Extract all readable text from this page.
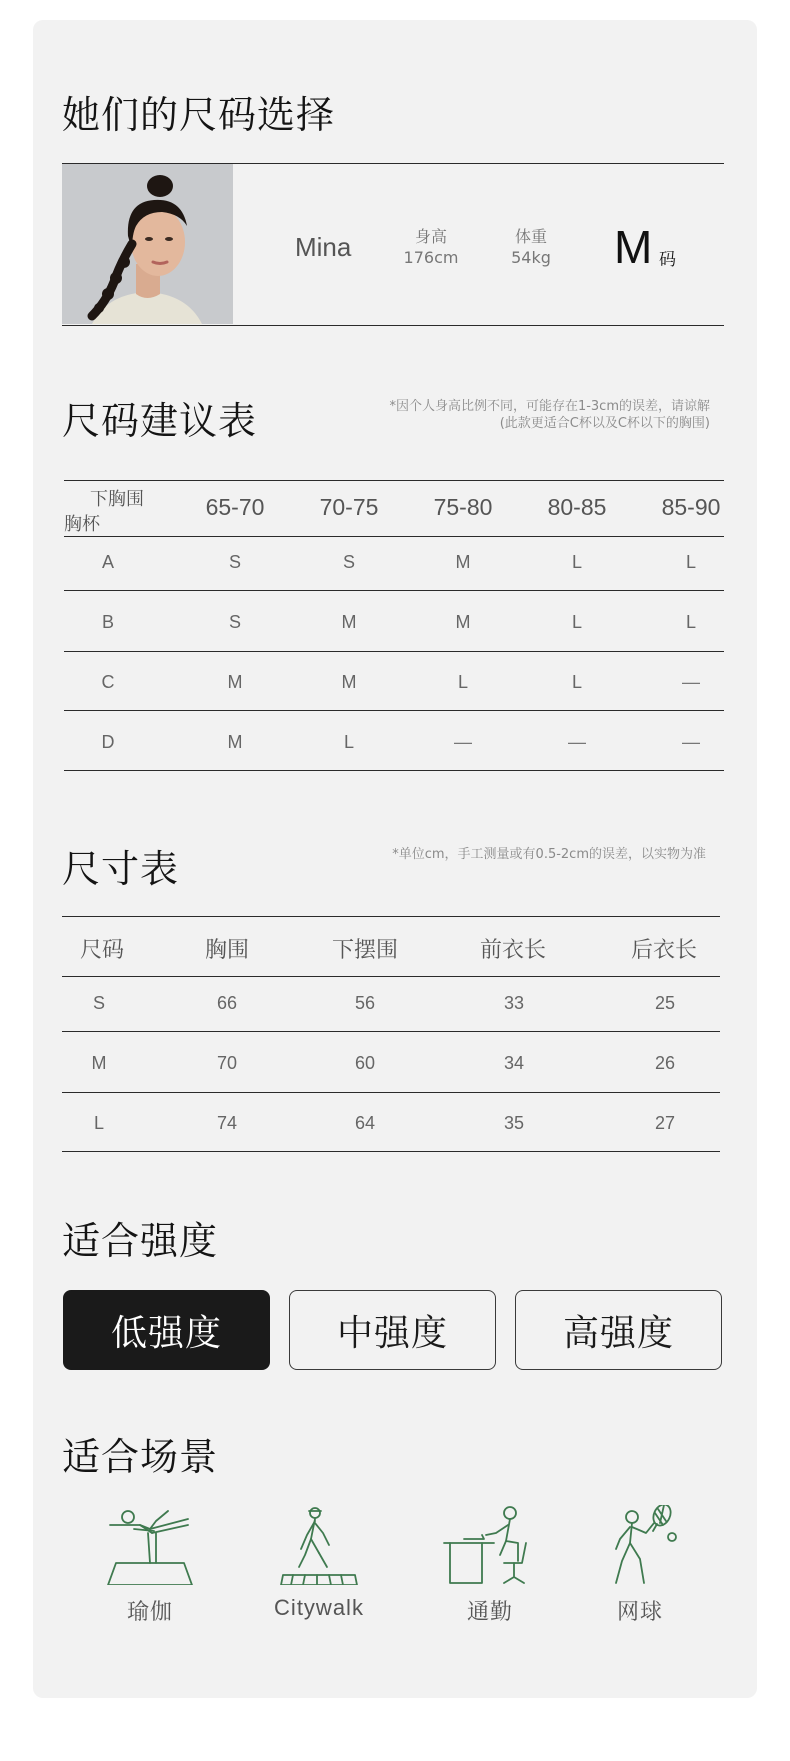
她们的尺码选择
Mina	身高
176cm
体重
54kg M 码
尺码建议表	*因个人身高比例不同，可能存在1-3cm的误差，请谅解
(此款更适合C杯以及C杯以下的胸围)
下胸围
胸杯
65-70	70-75	75-80	80-85	85-90
A	S	S	M	L	L
B	S	M	M	L	L
C	M	M	L	L	—
D	M	L	—	—	—
尺寸表	*单位cm，手工测量或有0.5-2cm的误差，以实物为准
尺码	胸围	下摆围	前衣长	后衣长
S	66	56	33	25
M	70	60	34	26
L	74	64	35	27
适合强度
低强度	中强度	高强度
适合场景
瑜伽	Citywalk	通勤	网球
